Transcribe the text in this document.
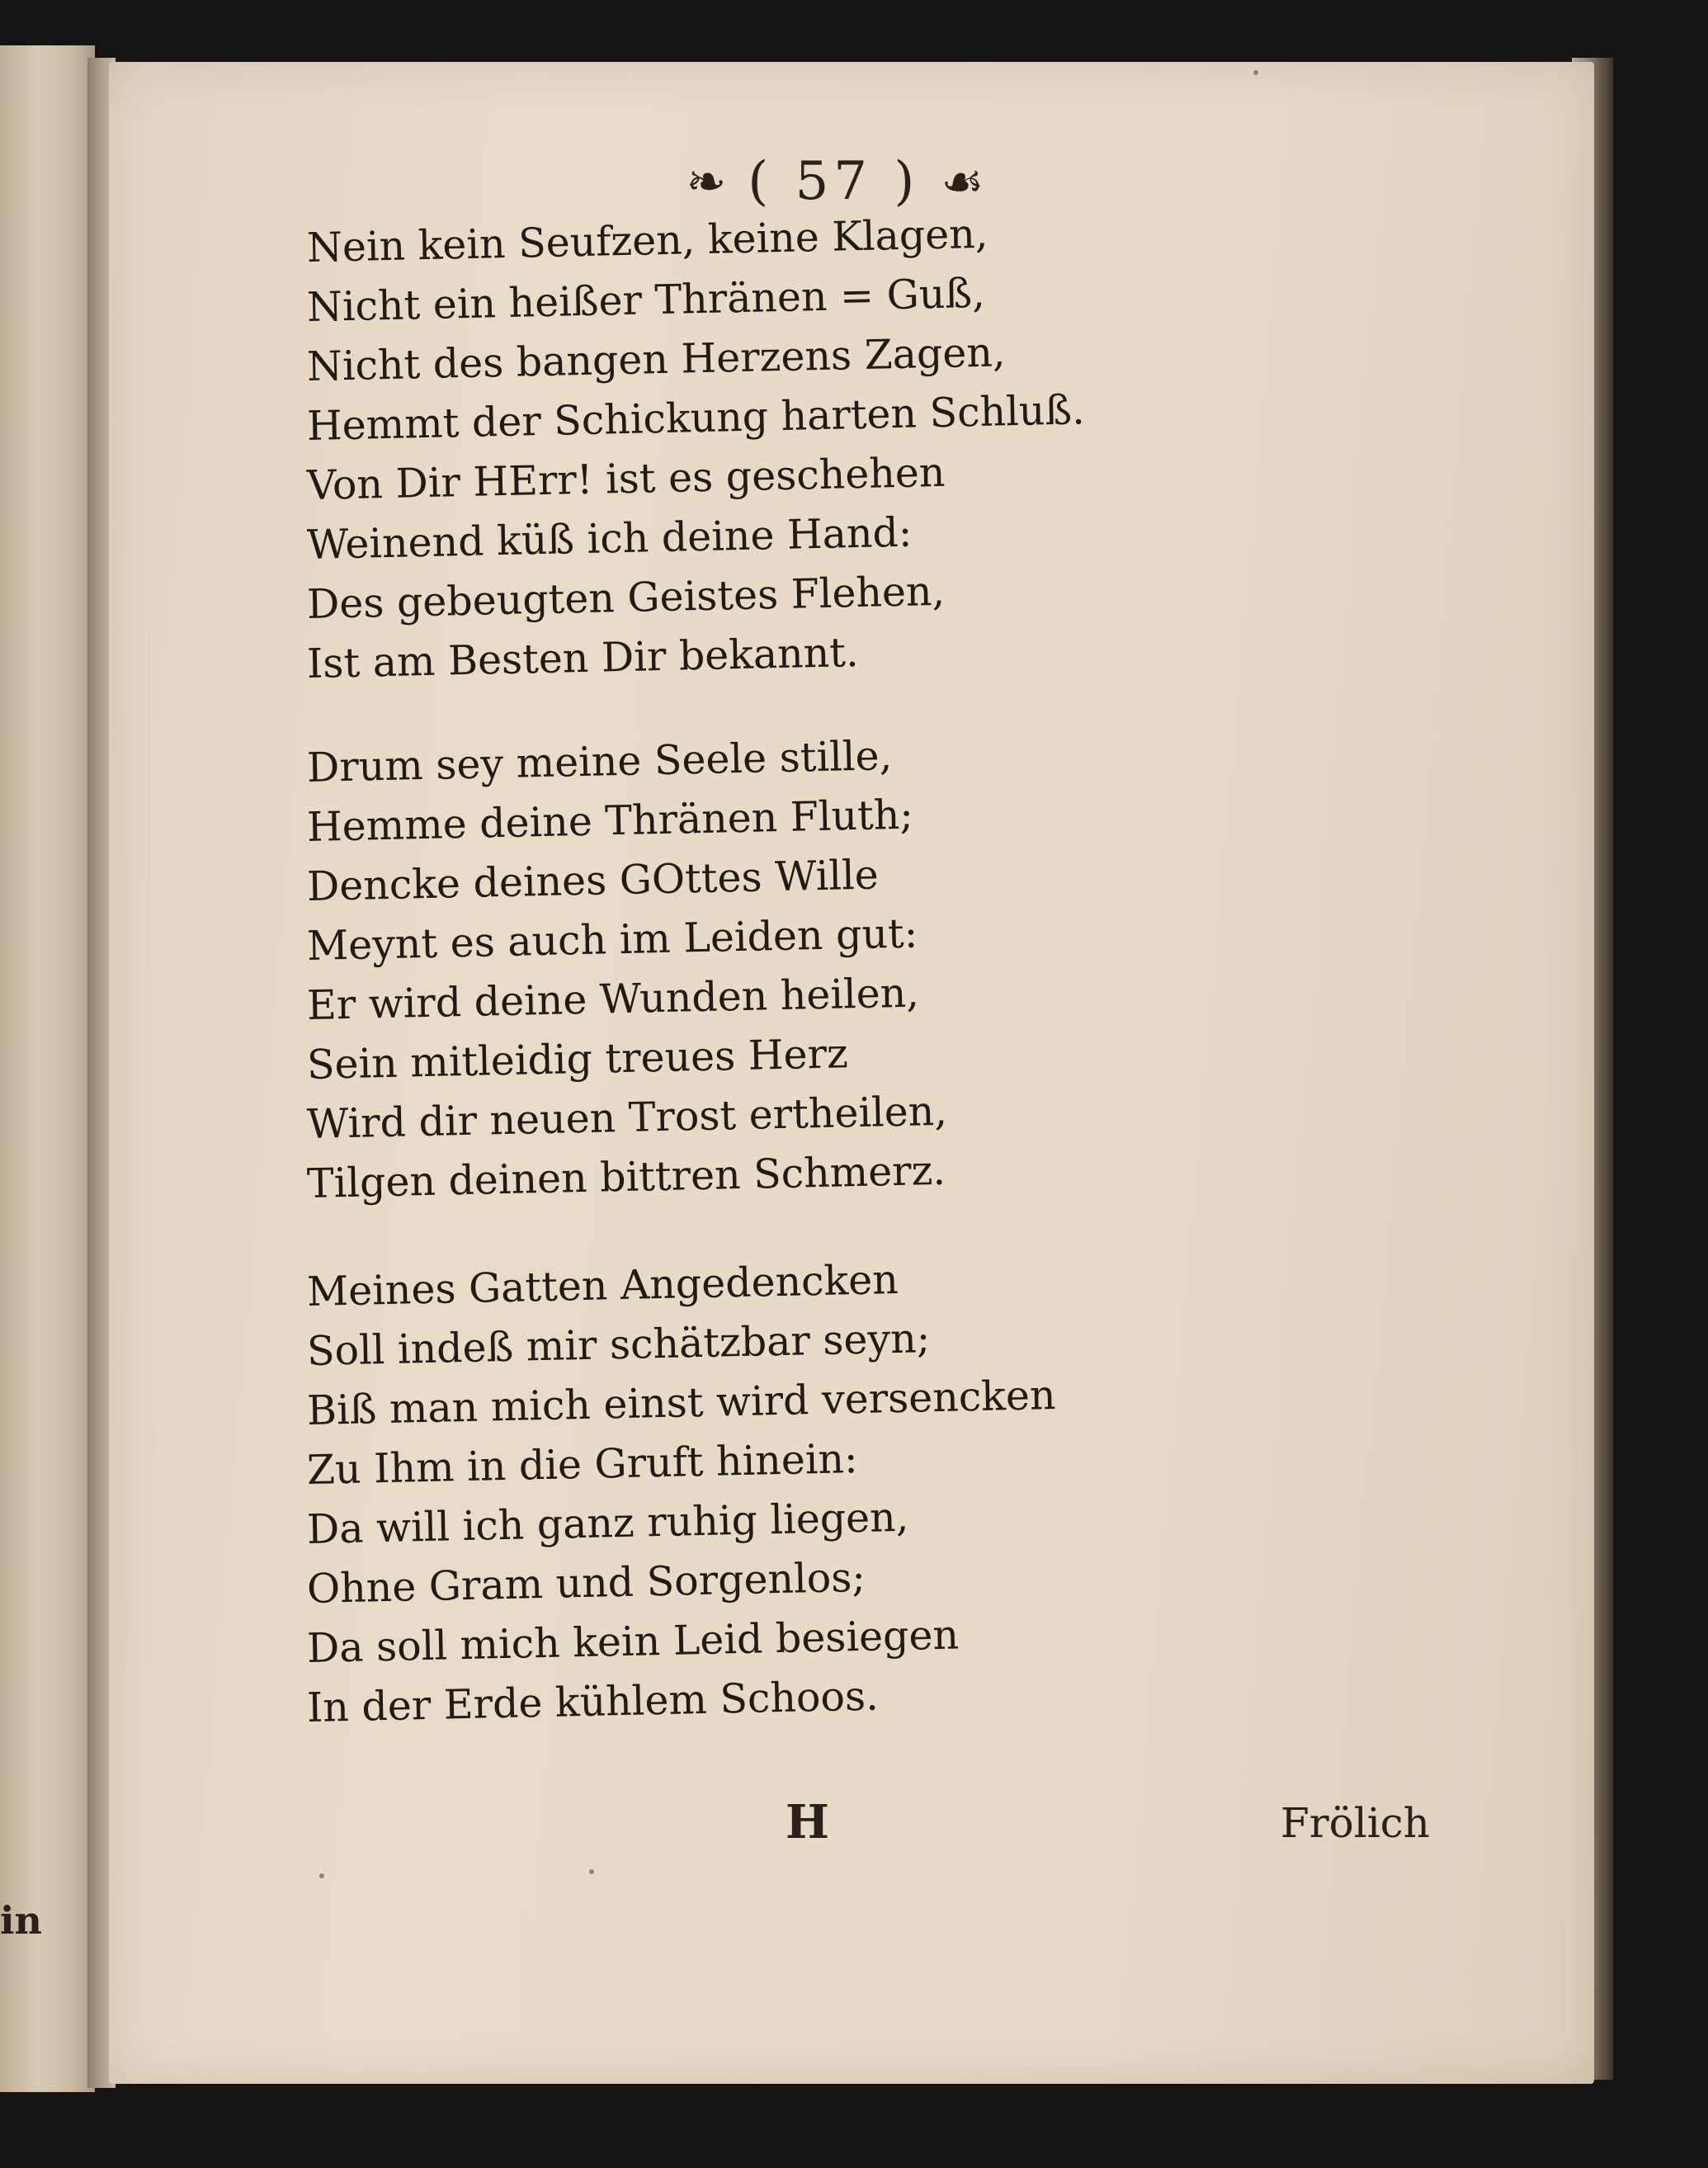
in
❧ ( 57 ) ☙
Nein kein Seufzen, keine Klagen,
Nicht ein heißer Thränen = Guß,
Nicht des bangen Herzens Zagen,
Hemmt der Schickung harten Schluß.
Von Dir HErr! ist es geschehen
Weinend küß ich deine Hand:
Des gebeugten Geistes Flehen,
Ist am Besten Dir bekannt.
Drum sey meine Seele stille,
Hemme deine Thränen Fluth;
Dencke deines GOttes Wille
Meynt es auch im Leiden gut:
Er wird deine Wunden heilen,
Sein mitleidig treues Herz
Wird dir neuen Trost ertheilen,
Tilgen deinen bittren Schmerz.
Meines Gatten Angedencken
Soll indeß mir schätzbar seyn;
Biß man mich einst wird versencken
Zu Ihm in die Gruft hinein:
Da will ich ganz ruhig liegen,
Ohne Gram und Sorgenlos;
Da soll mich kein Leid besiegen
In der Erde kühlem Schoos.
H	Frölich
